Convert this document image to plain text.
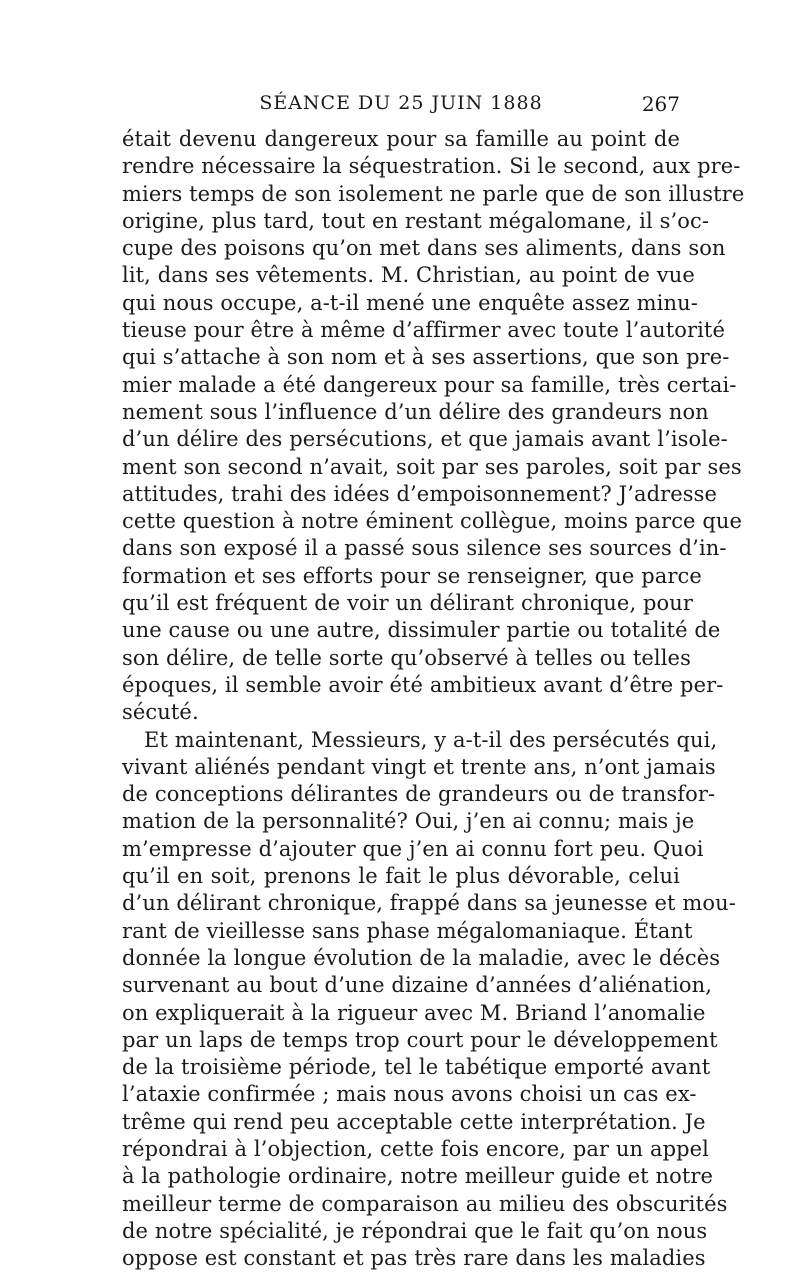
SÉANCE DU 25 JUIN 1888	267
était devenu dangereux pour sa famille au point de
rendre nécessaire la séquestration. Si le second, aux pre-
miers temps de son isolement ne parle que de son illustre
origine, plus tard, tout en restant mégalomane, il s’oc-
cupe des poisons qu’on met dans ses aliments, dans son
lit, dans ses vêtements. M. Christian, au point de vue
qui nous occupe, a-t-il mené une enquête assez minu-
tieuse pour être à même d’affirmer avec toute l’autorité
qui s’attache à son nom et à ses assertions, que son pre-
mier malade a été dangereux pour sa famille, très certai-
nement sous l’influence d’un délire des grandeurs non
d’un délire des persécutions, et que jamais avant l’isole-
ment son second n’avait, soit par ses paroles, soit par ses
attitudes, trahi des idées d’empoisonnement? J’adresse
cette question à notre éminent collègue, moins parce que
dans son exposé il a passé sous silence ses sources d’in-
formation et ses efforts pour se renseigner, que parce
qu’il est fréquent de voir un délirant chronique, pour
une cause ou une autre, dissimuler partie ou totalité de
son délire, de telle sorte qu’observé à telles ou telles
époques, il semble avoir été ambitieux avant d’être per-
sécuté.
Et maintenant, Messieurs, y a-t-il des persécutés qui,
vivant aliénés pendant vingt et trente ans, n’ont jamais
de conceptions délirantes de grandeurs ou de transfor-
mation de la personnalité? Oui, j’en ai connu; mais je
m’empresse d’ajouter que j’en ai connu fort peu. Quoi
qu’il en soit, prenons le fait le plus dévorable, celui
d’un délirant chronique, frappé dans sa jeunesse et mou-
rant de vieillesse sans phase mégalomaniaque. Étant
donnée la longue évolution de la maladie, avec le décès
survenant au bout d’une dizaine d’années d’aliénation,
on expliquerait à la rigueur avec M. Briand l’anomalie
par un laps de temps trop court pour le développement
de la troisième période, tel le tabétique emporté avant
l’ataxie confirmée ; mais nous avons choisi un cas ex-
trême qui rend peu acceptable cette interprétation. Je
répondrai à l’objection, cette fois encore, par un appel
à la pathologie ordinaire, notre meilleur guide et notre
meilleur terme de comparaison au milieu des obscurités
de notre spécialité, je répondrai que le fait qu’on nous
oppose est constant et pas très rare dans les maladies
